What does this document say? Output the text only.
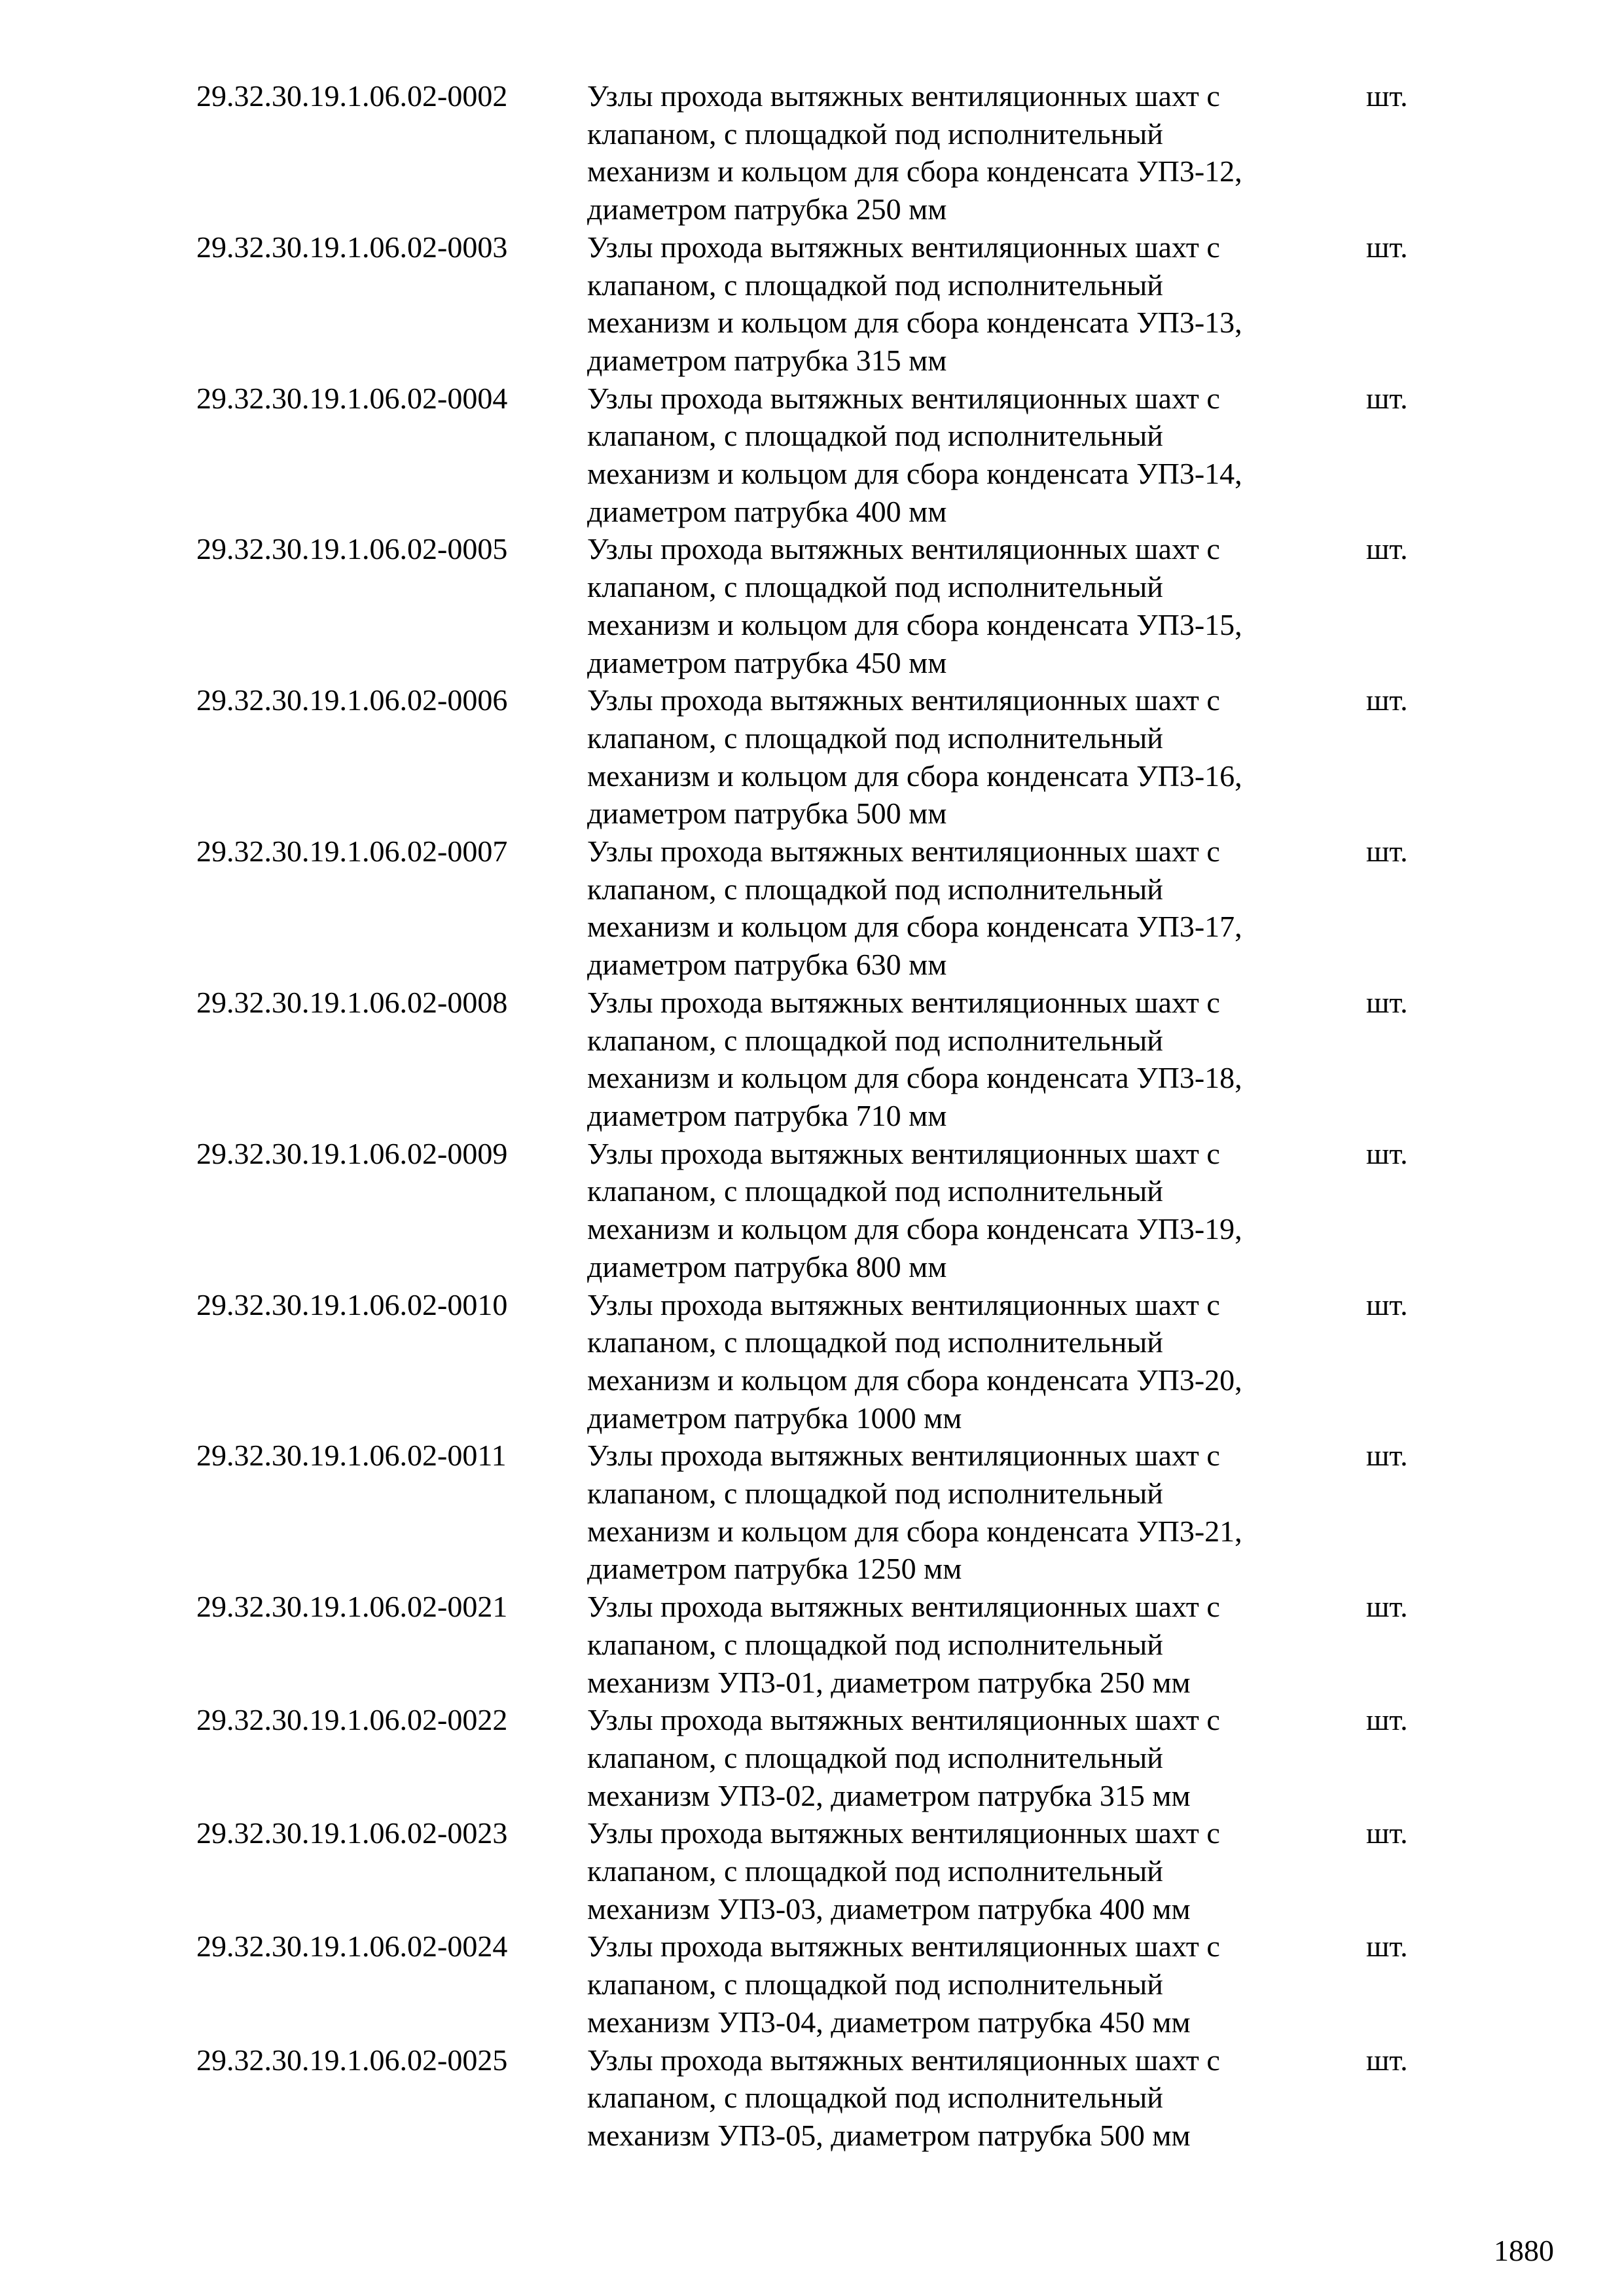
29.32.30.19.1.06.02-0002	Узлы прохода вытяжных вентиляционных шахт с
клапаном, с площадкой под исполнительный
механизм и кольцом для сбора конденсата УП3-12,
диаметром патрубка 250 мм
шт.
29.32.30.19.1.06.02-0003	Узлы прохода вытяжных вентиляционных шахт с
клапаном, с площадкой под исполнительный
механизм и кольцом для сбора конденсата УП3-13,
диаметром патрубка 315 мм
шт.
29.32.30.19.1.06.02-0004	Узлы прохода вытяжных вентиляционных шахт с
клапаном, с площадкой под исполнительный
механизм и кольцом для сбора конденсата УП3-14,
диаметром патрубка 400 мм
шт.
29.32.30.19.1.06.02-0005	Узлы прохода вытяжных вентиляционных шахт с
клапаном, с площадкой под исполнительный
механизм и кольцом для сбора конденсата УП3-15,
диаметром патрубка 450 мм
шт.
29.32.30.19.1.06.02-0006	Узлы прохода вытяжных вентиляционных шахт с
клапаном, с площадкой под исполнительный
механизм и кольцом для сбора конденсата УП3-16,
диаметром патрубка 500 мм
шт.
29.32.30.19.1.06.02-0007	Узлы прохода вытяжных вентиляционных шахт с
клапаном, с площадкой под исполнительный
механизм и кольцом для сбора конденсата УП3-17,
диаметром патрубка 630 мм
шт.
29.32.30.19.1.06.02-0008	Узлы прохода вытяжных вентиляционных шахт с
клапаном, с площадкой под исполнительный
механизм и кольцом для сбора конденсата УП3-18,
диаметром патрубка 710 мм
шт.
29.32.30.19.1.06.02-0009	Узлы прохода вытяжных вентиляционных шахт с
клапаном, с площадкой под исполнительный
механизм и кольцом для сбора конденсата УП3-19,
диаметром патрубка 800 мм
шт.
29.32.30.19.1.06.02-0010	Узлы прохода вытяжных вентиляционных шахт с
клапаном, с площадкой под исполнительный
механизм и кольцом для сбора конденсата УП3-20,
диаметром патрубка 1000 мм
шт.
29.32.30.19.1.06.02-0011	Узлы прохода вытяжных вентиляционных шахт с
клапаном, с площадкой под исполнительный
механизм и кольцом для сбора конденсата УП3-21,
диаметром патрубка 1250 мм
шт.
29.32.30.19.1.06.02-0021	Узлы прохода вытяжных вентиляционных шахт с
клапаном, с площадкой под исполнительный
механизм УП3-01, диаметром патрубка 250 мм
шт.
29.32.30.19.1.06.02-0022	Узлы прохода вытяжных вентиляционных шахт с
клапаном, с площадкой под исполнительный
механизм УП3-02, диаметром патрубка 315 мм
шт.
29.32.30.19.1.06.02-0023	Узлы прохода вытяжных вентиляционных шахт с
клапаном, с площадкой под исполнительный
механизм УП3-03, диаметром патрубка 400 мм
шт.
29.32.30.19.1.06.02-0024	Узлы прохода вытяжных вентиляционных шахт с
клапаном, с площадкой под исполнительный
механизм УП3-04, диаметром патрубка 450 мм
шт.
29.32.30.19.1.06.02-0025	Узлы прохода вытяжных вентиляционных шахт с
клапаном, с площадкой под исполнительный
механизм УП3-05, диаметром патрубка 500 мм
шт.
1880
